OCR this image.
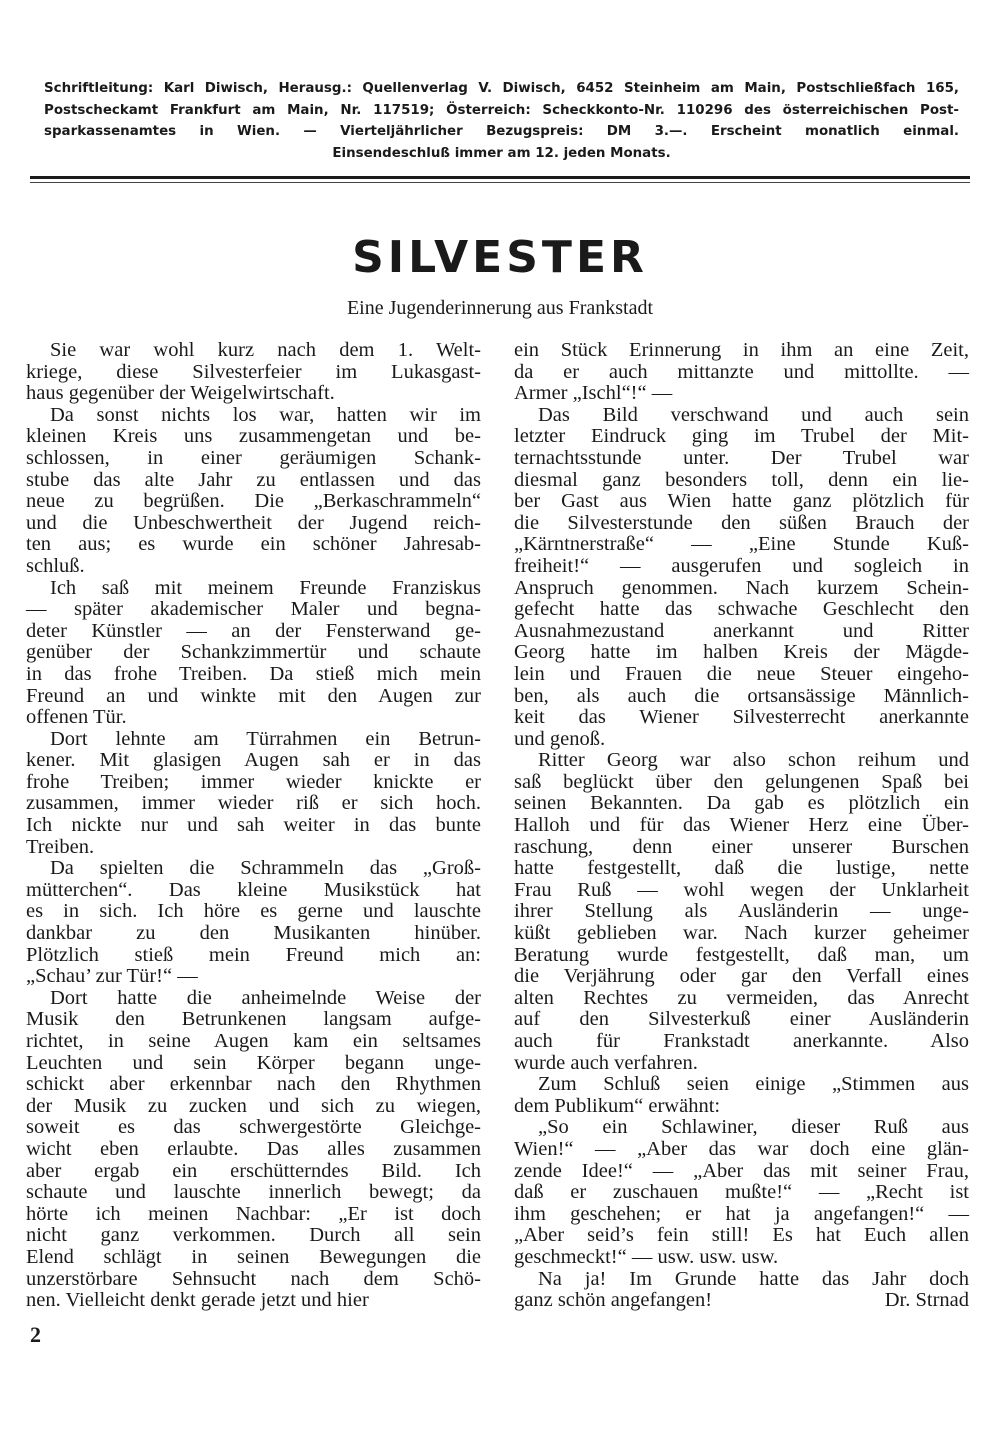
Schriftleitung: Karl Diwisch, Herausg.: Quellenverlag V. Diwisch, 6452 Steinheim am Main, Postschließfach 165,
Postscheckamt Frankfurt am Main, Nr. 117519; Österreich: Scheckkonto-Nr. 110296 des österreichischen Post-
sparkassenamtes in Wien. — Vierteljährlicher Bezugspreis: DM 3.—. Erscheint monatlich einmal.
Einsendeschluß immer am 12. jeden Monats.
SILVESTER
Eine Jugenderinnerung aus Frankstadt

Sie war wohl kurz nach dem 1. Welt-
kriege, diese Silvesterfeier im Lukasgast-
haus gegenüber der Weigelwirtschaft.

Da sonst nichts los war, hatten wir im
kleinen Kreis uns zusammengetan und be-
schlossen, in einer geräumigen Schank-
stube das alte Jahr zu entlassen und das
neue zu begrüßen. Die „Berkaschrammeln“
und die Unbeschwertheit der Jugend reich-
ten aus; es wurde ein schöner Jahresab-
schluß.

Ich saß mit meinem Freunde Franziskus
— später akademischer Maler und begna-
deter Künstler — an der Fensterwand ge-
genüber der Schankzimmertür und schaute
in das frohe Treiben. Da stieß mich mein
Freund an und winkte mit den Augen zur
offenen Tür.

Dort lehnte am Türrahmen ein Betrun-
kener. Mit glasigen Augen sah er in das
frohe Treiben; immer wieder knickte er
zusammen, immer wieder riß er sich hoch.
Ich nickte nur und sah weiter in das bunte
Treiben.

Da spielten die Schrammeln das „Groß-
mütterchen“. Das kleine Musikstück hat
es in sich. Ich höre es gerne und lauschte
dankbar zu den Musikanten hinüber.
Plötzlich stieß mein Freund mich an:
„Schau’ zur Tür!“ —

Dort hatte die anheimelnde Weise der
Musik den Betrunkenen langsam aufge-
richtet, in seine Augen kam ein seltsames
Leuchten und sein Körper begann unge-
schickt aber erkennbar nach den Rhythmen
der Musik zu zucken und sich zu wiegen,
soweit es das schwergestörte Gleichge-
wicht eben erlaubte. Das alles zusammen
aber ergab ein erschütterndes Bild. Ich
schaute und lauschte innerlich bewegt; da
hörte ich meinen Nachbar: „Er ist doch
nicht ganz verkommen. Durch all sein
Elend schlägt in seinen Bewegungen die
unzerstörbare Sehnsucht nach dem Schö-
nen. Vielleicht denkt gerade jetzt und hier

ein Stück Erinnerung in ihm an eine Zeit,
da er auch mittanzte und mittollte. —
Armer „Ischl“!“ —

Das Bild verschwand und auch sein
letzter Eindruck ging im Trubel der Mit-
ternachtsstunde unter. Der Trubel war
diesmal ganz besonders toll, denn ein lie-
ber Gast aus Wien hatte ganz plötzlich für
die Silvesterstunde den süßen Brauch der
„Kärntnerstraße“ — „Eine Stunde Kuß-
freiheit!“ — ausgerufen und sogleich in
Anspruch genommen. Nach kurzem Schein-
gefecht hatte das schwache Geschlecht den
Ausnahmezustand anerkannt und Ritter
Georg hatte im halben Kreis der Mägde-
lein und Frauen die neue Steuer eingeho-
ben, als auch die ortsansässige Männlich-
keit das Wiener Silvesterrecht anerkannte
und genoß.

Ritter Georg war also schon reihum und
saß beglückt über den gelungenen Spaß bei
seinen Bekannten. Da gab es plötzlich ein
Halloh und für das Wiener Herz eine Über-
raschung, denn einer unserer Burschen
hatte festgestellt, daß die lustige, nette
Frau Ruß — wohl wegen der Unklarheit
ihrer Stellung als Ausländerin — unge-
küßt geblieben war. Nach kurzer geheimer
Beratung wurde festgestellt, daß man, um
die Verjährung oder gar den Verfall eines
alten Rechtes zu vermeiden, das Anrecht
auf den Silvesterkuß einer Ausländerin
auch für Frankstadt anerkannte. Also
wurde auch verfahren.

Zum Schluß seien einige „Stimmen aus
dem Publikum“ erwähnt:

„So ein Schlawiner, dieser Ruß aus
Wien!“ — „Aber das war doch eine glän-
zende Idee!“ — „Aber das mit seiner Frau,
daß er zuschauen mußte!“ — „Recht ist
ihm geschehen; er hat ja angefangen!“ —
„Aber seid’s fein still! Es hat Euch allen
geschmeckt!“ — usw. usw. usw.

Na ja! Im Grunde hatte das Jahr doch

ganz schön angefangen!	Dr. Strnad
2
